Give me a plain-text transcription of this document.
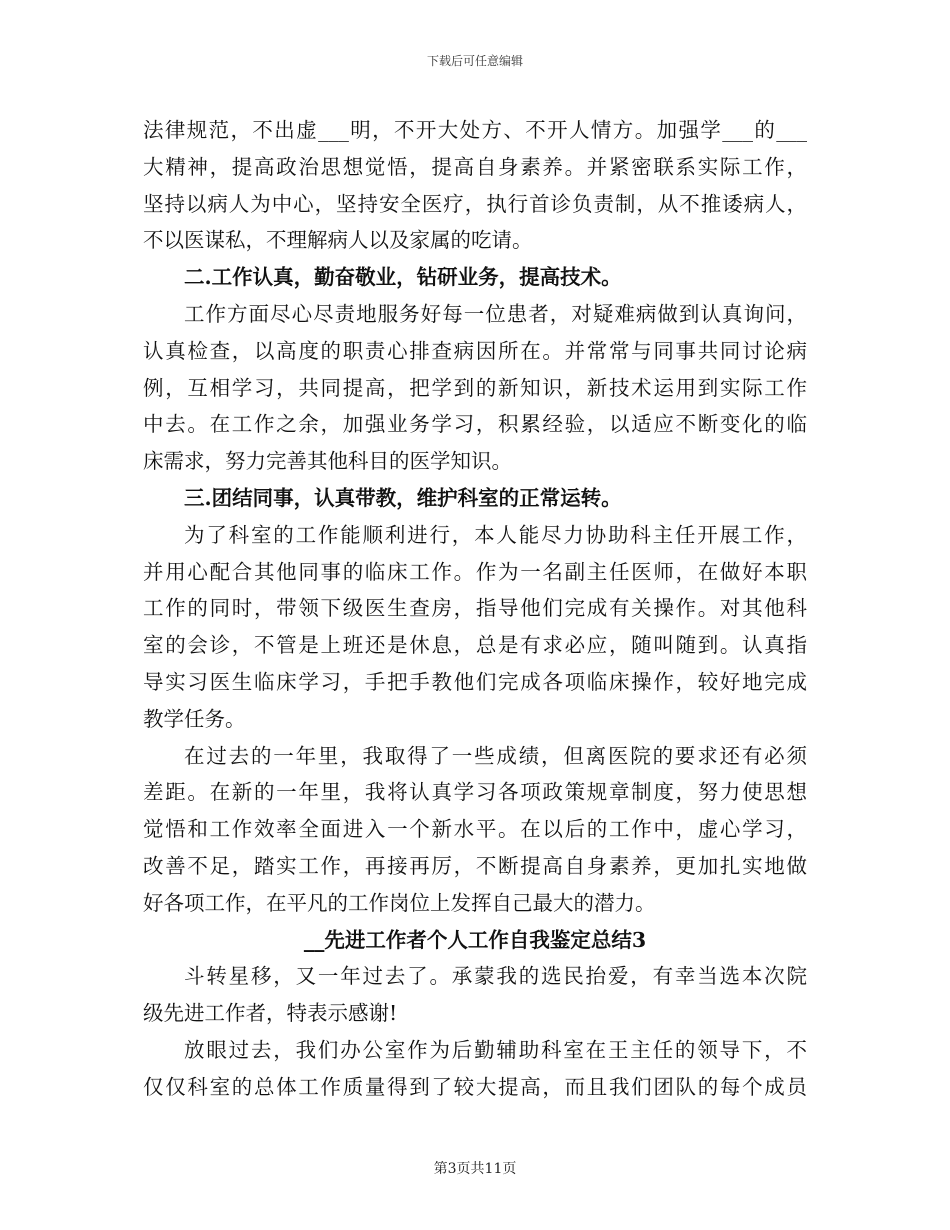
下载后可任意编辑
法律规范，不出虚___明，不开大处方、不开人情方。加强学___的___
大精神，提高政治思想觉悟，提高自身素养。并紧密联系实际工作，
坚持以病人为中心，坚持安全医疗，执行首诊负责制，从不推诿病人，
不以医谋私，不理解病人以及家属的吃请。
二.工作认真，勤奋敬业，钻研业务，提高技术。
工作方面尽心尽责地服务好每一位患者，对疑难病做到认真询问，
认真检查，以高度的职责心排查病因所在。并常常与同事共同讨论病
例，互相学习，共同提高，把学到的新知识，新技术运用到实际工作
中去。在工作之余，加强业务学习，积累经验，以适应不断变化的临
床需求，努力完善其他科目的医学知识。
三.团结同事，认真带教，维护科室的正常运转。
为了科室的工作能顺利进行，本人能尽力协助科主任开展工作，
并用心配合其他同事的临床工作。作为一名副主任医师，在做好本职
工作的同时，带领下级医生查房，指导他们完成有关操作。对其他科
室的会诊，不管是上班还是休息，总是有求必应，随叫随到。认真指
导实习医生临床学习，手把手教他们完成各项临床操作，较好地完成
教学任务。
在过去的一年里，我取得了一些成绩，但离医院的要求还有必须
差距。在新的一年里，我将认真学习各项政策规章制度，努力使思想
觉悟和工作效率全面进入一个新水平。在以后的工作中，虚心学习，
改善不足，踏实工作，再接再厉，不断提高自身素养，更加扎实地做
好各项工作，在平凡的工作岗位上发挥自己最大的潜力。
__先进工作者个人工作自我鉴定总结3
斗转星移，又一年过去了。承蒙我的选民抬爱，有幸当选本次院
级先进工作者，特表示感谢!
放眼过去，我们办公室作为后勤辅助科室在王主任的领导下，不
仅仅科室的总体工作质量得到了较大提高，而且我们团队的每个成员
第3页共11页
